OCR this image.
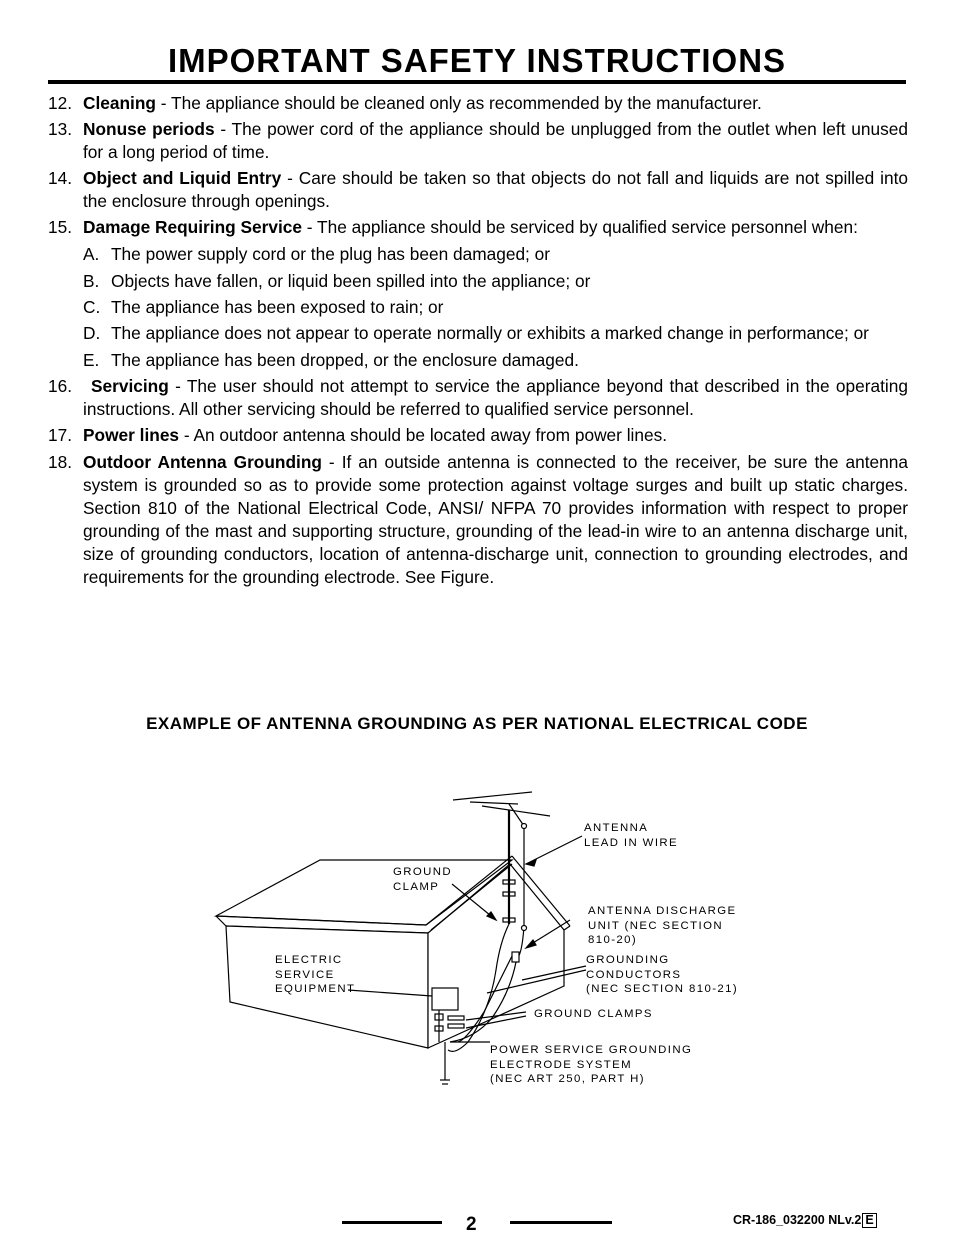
IMPORTANT SAFETY INSTRUCTIONS
12. Cleaning - The appliance should be cleaned only as recommended by the manufacturer.
13. Nonuse periods - The power cord of the appliance should be unplugged from the outlet when left unused for a long period of time.
14. Object and Liquid Entry - Care should be taken so that objects do not fall and liquids are not spilled into the enclosure through openings.
15. Damage Requiring Service - The appliance should be serviced by qualified service personnel when:
A. The power supply cord or the plug has been damaged; or
B. Objects have fallen, or liquid been spilled into the appliance; or
C. The appliance has been exposed to rain; or
D. The appliance does not appear to operate normally or exhibits a marked change in performance; or
E. The appliance has been dropped, or the enclosure damaged.
16. Servicing - The user should not attempt to service the appliance beyond that described in the operating instructions. All other servicing should be referred to qualified service personnel.
17. Power lines - An outdoor antenna should be located away from power lines.
18. Outdoor Antenna Grounding - If an outside antenna is connected to the receiver, be sure the antenna system is grounded so as to provide some protection against voltage surges and built up static charges. Section 810 of the National Electrical Code, ANSI/ NFPA 70 provides information with respect to proper grounding of the mast and supporting structure, grounding of the lead-in wire to an antenna discharge unit, size of grounding conductors, location of antenna-discharge unit, connection to grounding electrodes, and requirements for the grounding electrode. See Figure.
EXAMPLE OF ANTENNA GROUNDING AS PER NATIONAL ELECTRICAL CODE
ANTENNA
LEAD IN WIRE
GROUND
CLAMP
ANTENNA DISCHARGE
UNIT (NEC SECTION
810-20)
ELECTRIC
SERVICE
EQUIPMENT
GROUNDING
CONDUCTORS
(NEC SECTION 810-21)
GROUND CLAMPS
POWER SERVICE GROUNDING
ELECTRODE SYSTEM
(NEC ART 250, PART H)
2	CR-186_032200 NLv.2 E
